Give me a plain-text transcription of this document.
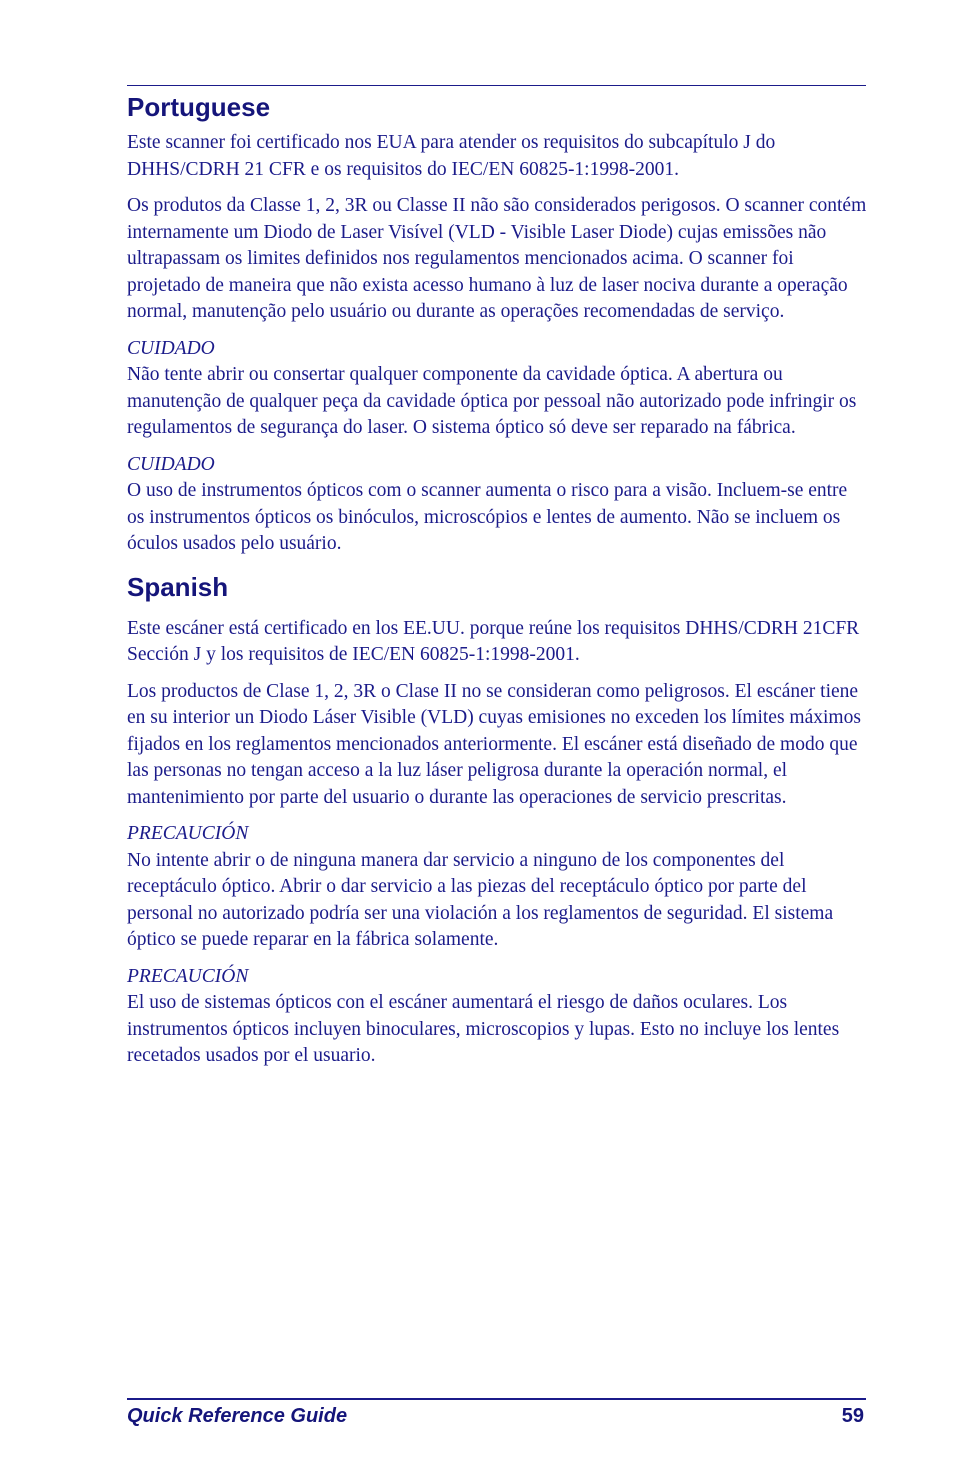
Portuguese

Este scanner foi certificado nos EUA para atender os requisitos do subcapítulo J do DHHS/CDRH 21 CFR e os requisitos do IEC/EN 60825-1:1998-2001.

Os produtos da Classe 1, 2, 3R ou Classe II não são considerados perigosos. O scanner contém internamente um Diodo de Laser Visível (VLD - Visible Laser Diode) cujas emissões não ultrapassam os limites definidos nos regulamentos mencionados acima. O scanner foi projetado de maneira que não exista acesso humano à luz de laser nociva durante a operação normal, manutenção pelo usuário ou durante as operações recomendadas de serviço.

CUIDADO
Não tente abrir ou consertar qualquer componente da cavidade óptica. A abertura ou manutenção de qualquer peça da cavidade óptica por pessoal não autorizado pode infringir os regulamentos de segurança do laser. O sistema óptico só deve ser reparado na fábrica.

CUIDADO
O uso de instrumentos ópticos com o scanner aumenta o risco para a visão. Incluem-se entre os instrumentos ópticos os binóculos, microscópios e lentes de aumento. Não se incluem os óculos usados pelo usuário.

Spanish

Este escáner está certificado en los EE.UU. porque reúne los requisitos DHHS/CDRH 21CFR Sección J y los requisitos de IEC/EN 60825-1:1998-2001.

Los productos de Clase 1, 2, 3R o Clase II no se consideran como peligrosos. El escáner tiene en su interior un Diodo Láser Visible (VLD) cuyas emisiones no exceden los límites máximos fijados en los reglamentos mencionados anteriormente. El escáner está diseñado de modo que las personas no tengan acceso a la luz láser peligrosa durante la operación normal, el mantenimiento por parte del usuario o durante las operaciones de servicio prescritas.

PRECAUCIÓN
No intente abrir o de ninguna manera dar servicio a ninguno de los componentes del receptáculo óptico. Abrir o dar servicio a las piezas del receptáculo óptico por parte del personal no autorizado podría ser una violación a los reglamentos de seguridad. El sistema óptico se puede reparar en la fábrica solamente.

PRECAUCIÓN
El uso de sistemas ópticos con el escáner aumentará el riesgo de daños oculares. Los instrumentos ópticos incluyen binoculares, microscopios y lupas. Esto no incluye los lentes recetados usados por el usuario.

Quick Reference Guide	59
